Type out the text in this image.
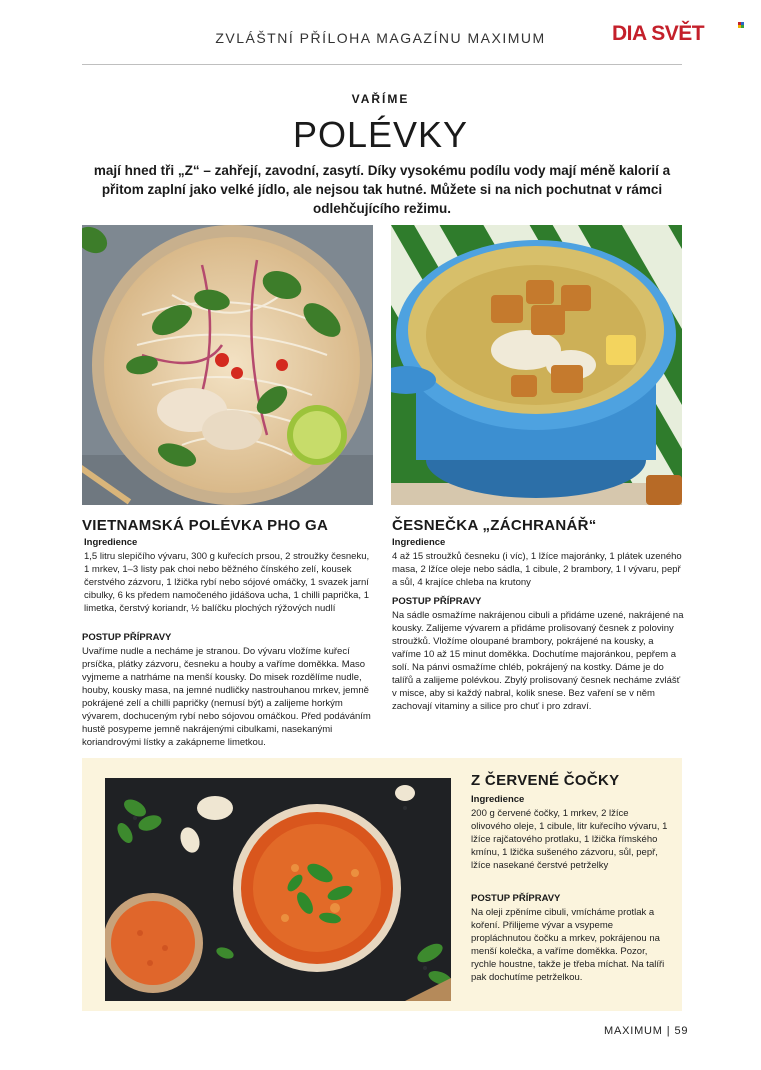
ZVLÁŠTNÍ PŘÍLOHA MAGAZÍNU MAXIMUM	DIA SVĚT
VAŘÍME
POLÉVKY

mají hned tři „Z“ – zahřejí, zavodní, zasytí. Díky vysokému podílu vody mají méně kalorií a přitom zaplní jako velké jídlo, ale nejsou tak hutné. Můžete si na nich pochutnat v rámci odlehčujícího režimu.

VIETNAMSKÁ POLÉVKA PHO GA
Ingredience

1,5 litru slepičího vývaru, 300 g kuřecích prsou, 2 stroužky česneku, 1 mrkev, 1–3 listy pak choi nebo běžného čínského zelí, kousek čerstvého zázvoru, 1 lžička rybí nebo sójové omáčky, 1 svazek jarní cibulky, 6 ks předem namočeného jidášova ucha, 1 chilli paprička, 1 limetka, čerstvý koriandr, ½ balíčku plochých rýžových nudlí

POSTUP PŘÍPRAVY

Uvaříme nudle a necháme je stranou. Do vývaru vložíme kuřecí prsíčka, plátky zázvoru, česneku a houby a vaříme doměkka. Maso vyjmeme a natrháme na menší kousky. Do misek rozdělíme nudle, houby, kousky masa, na jemné nudličky nastrouhanou mrkev, jemně pokrájené zelí a chilli papričky (nemusí být) a zalijeme horkým vývarem, dochuceným rybí nebo sójovou omáčkou. Před podáváním hustě posypeme jemně nakrájenými cibulkami, nasekanými koriandrovými lístky a zakápneme limetkou.

ČESNEČKA „ZÁCHRANÁŘ“
Ingredience

4 až 15 stroužků česneku (i víc), 1 lžíce majoránky, 1 plátek uzeného masa, 2 lžíce oleje nebo sádla, 1 cibule, 2 brambory, 1 l vývaru, pepř a sůl, 4 krajíce chleba na krutony

POSTUP PŘÍPRAVY

Na sádle osmažíme nakrájenou cibuli a přidáme uzené, nakrájené na kousky. Zalijeme vývarem a přidáme prolisovaný česnek z poloviny stroužků. Vložíme oloupané brambory, pokrájené na kousky, a vaříme 10 až 15 minut doměkka. Dochutíme majoránkou, pepřem a solí. Na pánvi osmažíme chléb, pokrájený na kostky. Dáme je do talířů a zalijeme polévkou. Zbylý prolisovaný česnek necháme zvlášť v misce, aby si každý nabral, kolik snese. Bez vaření se v něm zachovají vitaminy a silice pro chuť i pro zdraví.

Z ČERVENÉ ČOČKY
Ingredience

200 g červené čočky, 1 mrkev, 2 lžíce olivového oleje, 1 cibule, litr kuřecího vývaru, 1 lžíce rajčatového protlaku, 1 lžička římského kmínu, 1 lžička sušeného zázvoru, sůl, pepř, lžíce nasekané čerstvé petrželky

POSTUP PŘÍPRAVY

Na oleji zpěníme cibuli, vmícháme protlak a koření. Přilijeme vývar a vsypeme propláchnutou čočku a mrkev, pokrájenou na menší kolečka, a vaříme doměkka. Pozor, rychle houstne, takže je třeba míchat. Na talíři pak dochutíme petrželkou.

MAXIMUM | 59
